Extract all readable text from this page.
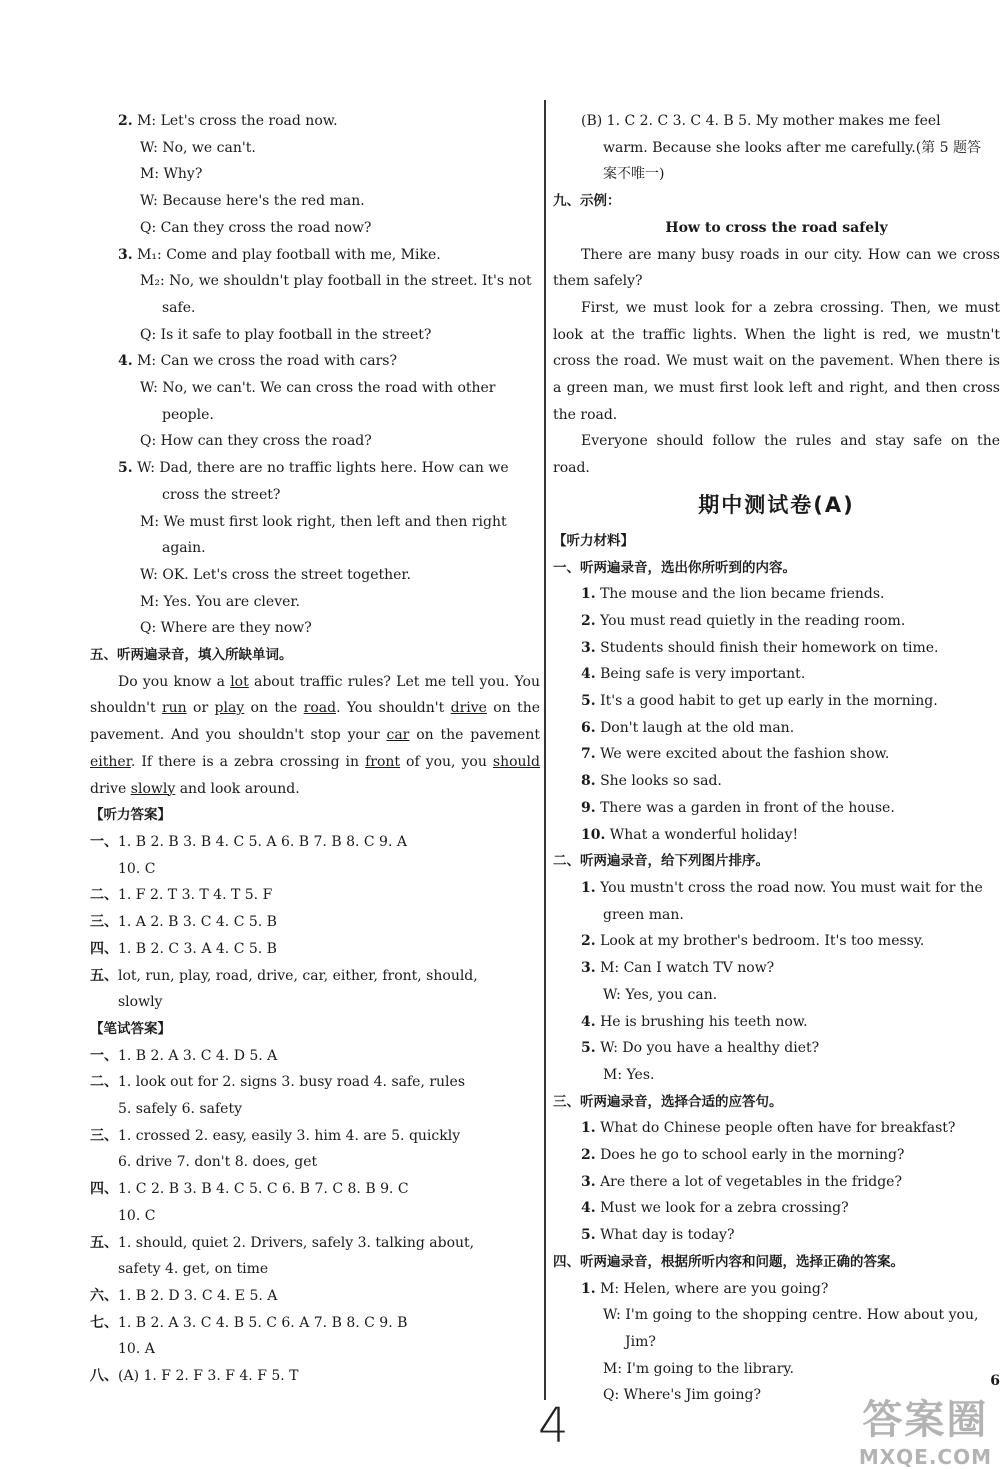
2. M: Let's cross the road now.
W: No, we can't.
M: Why?
W: Because here's the red man.
Q: Can they cross the road now?
3. M₁: Come and play football with me, Mike.
M₂: No, we shouldn't play football in the street. It's not
safe.
Q: Is it safe to play football in the street?
4. M: Can we cross the road with cars?
W: No, we can't. We can cross the road with other
people.
Q: How can they cross the road?
5. W: Dad, there are no traffic lights here. How can we
cross the street?
M: We must first look right, then left and then right
again.
W: OK. Let's cross the street together.
M: Yes. You are clever.
Q: Where are they now?
五、听两遍录音，填入所缺单词。
Do you know a lot about traffic rules? Let me tell you. You shouldn't run or play on the road. You shouldn't drive on the pavement. And you shouldn't stop your car on the pavement either. If there is a zebra crossing in front of you, you should drive slowly and look around.
【听力答案】
一、1. B 2. B 3. B 4. C 5. A 6. B 7. B 8. C 9. A
10. C
二、1. F 2. T 3. T 4. T 5. F
三、1. A 2. B 3. C 4. C 5. B
四、1. B 2. C 3. A 4. C 5. B
五、lot, run, play, road, drive, car, either, front, should,
slowly
【笔试答案】
一、1. B 2. A 3. C 4. D 5. A
二、1. look out for 2. signs 3. busy road 4. safe, rules
5. safely 6. safety
三、1. crossed 2. easy, easily 3. him 4. are 5. quickly
6. drive 7. don't 8. does, get
四、1. C 2. B 3. B 4. C 5. C 6. B 7. C 8. B 9. C
10. C
五、1. should, quiet 2. Drivers, safely 3. talking about,
safety 4. get, on time
六、1. B 2. D 3. C 4. E 5. A
七、1. B 2. A 3. C 4. B 5. C 6. A 7. B 8. C 9. B
10. A
八、(A) 1. F 2. F 3. F 4. F 5. T
(B) 1. C 2. C 3. C 4. B 5. My mother makes me feel
warm. Because she looks after me carefully.(第 5 题答
案不唯一)
九、示例：
How to cross the road safely
There are many busy roads in our city. How can we cross them safely?
First, we must look for a zebra crossing. Then, we must look at the traffic lights. When the light is red, we mustn't cross the road. We must wait on the pavement. When there is a green man, we must first look left and right, and then cross the road.
Everyone should follow the rules and stay safe on the road.
期中测试卷(A)
【听力材料】
一、听两遍录音，选出你所听到的内容。
1. The mouse and the lion became friends.
2. You must read quietly in the reading room.
3. Students should finish their homework on time.
4. Being safe is very important.
5. It's a good habit to get up early in the morning.
6. Don't laugh at the old man.
7. We were excited about the fashion show.
8. She looks so sad.
9. There was a garden in front of the house.
10. What a wonderful holiday!
二、听两遍录音，给下列图片排序。
1. You mustn't cross the road now. You must wait for the
green man.
2. Look at my brother's bedroom. It's too messy.
3. M: Can I watch TV now?
W: Yes, you can.
4. He is brushing his teeth now.
5. W: Do you have a healthy diet?
M: Yes.
三、听两遍录音，选择合适的应答句。
1. What do Chinese people often have for breakfast?
2. Does he go to school early in the morning?
3. Are there a lot of vegetables in the fridge?
4. Must we look for a zebra crossing?
5. What day is today?
四、听两遍录音，根据所听内容和问题，选择正确的答案。
1. M: Helen, where are you going?
W: I'm going to the shopping centre. How about you,
Jim?
M: I'm going to the library.
Q: Where's Jim going?
4
6
答案圈
MXQE.COM
